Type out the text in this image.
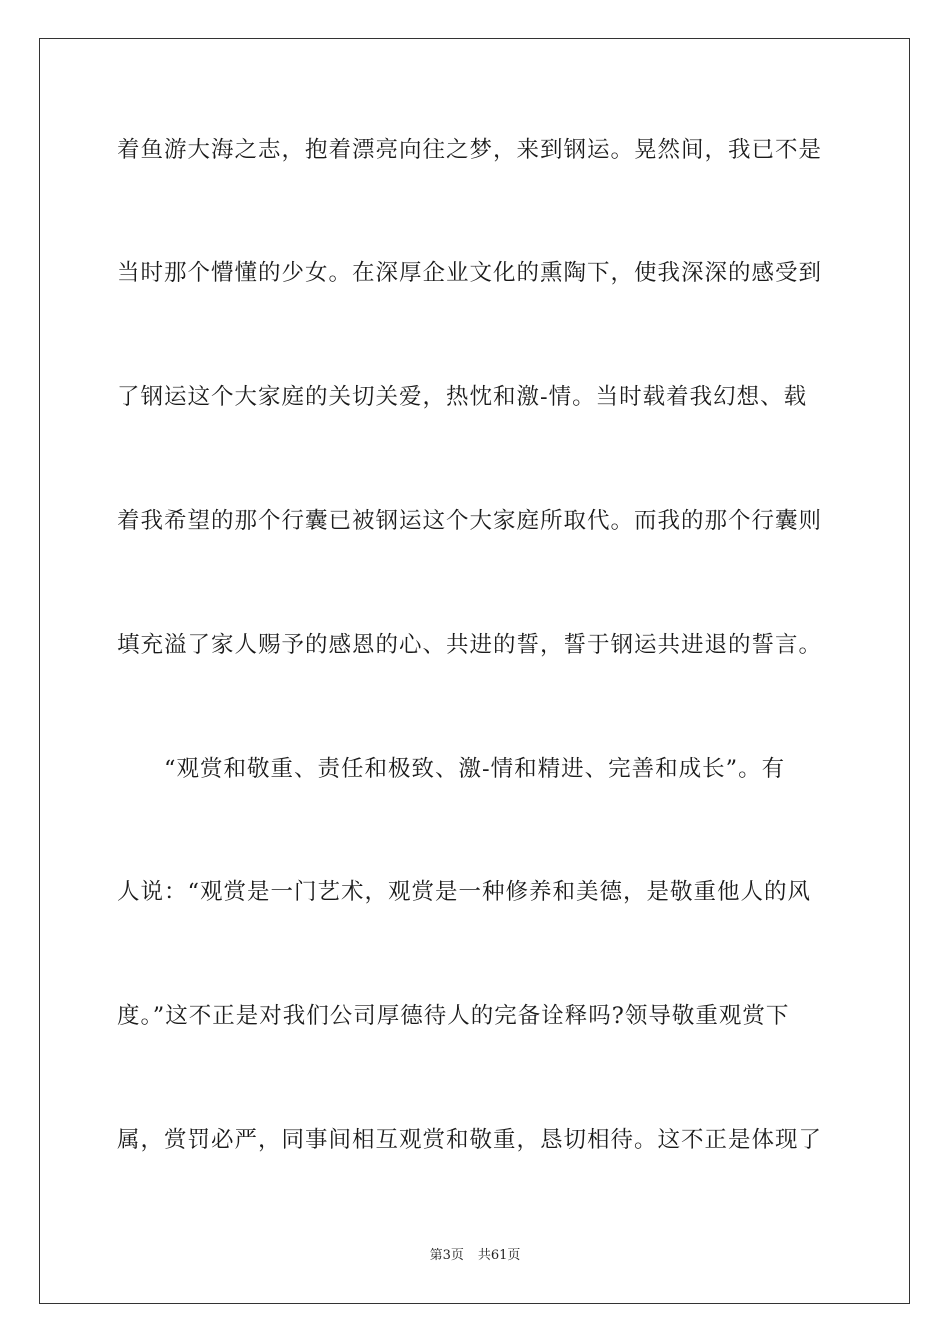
着鱼游大海之志，抱着漂亮向往之梦，来到钢运。晃然间，我已不是
当时那个懵懂的少女。在深厚企业文化的熏陶下，使我深深的感受到
了钢运这个大家庭的关切关爱，热忱和激-情。当时载着我幻想、载
着我希望的那个行囊已被钢运这个大家庭所取代。而我的那个行囊则
填充溢了家人赐予的感恩的心、共进的誓，誓于钢运共进退的誓言。
　　“观赏和敬重、责任和极致、激-情和精进、完善和成长”。有
人说：“观赏是一门艺术，观赏是一种修养和美德，是敬重他人的风
度。”这不正是对我们公司厚德待人的完备诠释吗?领导敬重观赏下
属，赏罚必严，同事间相互观赏和敬重，恳切相待。这不正是体现了
第3页 共61页
